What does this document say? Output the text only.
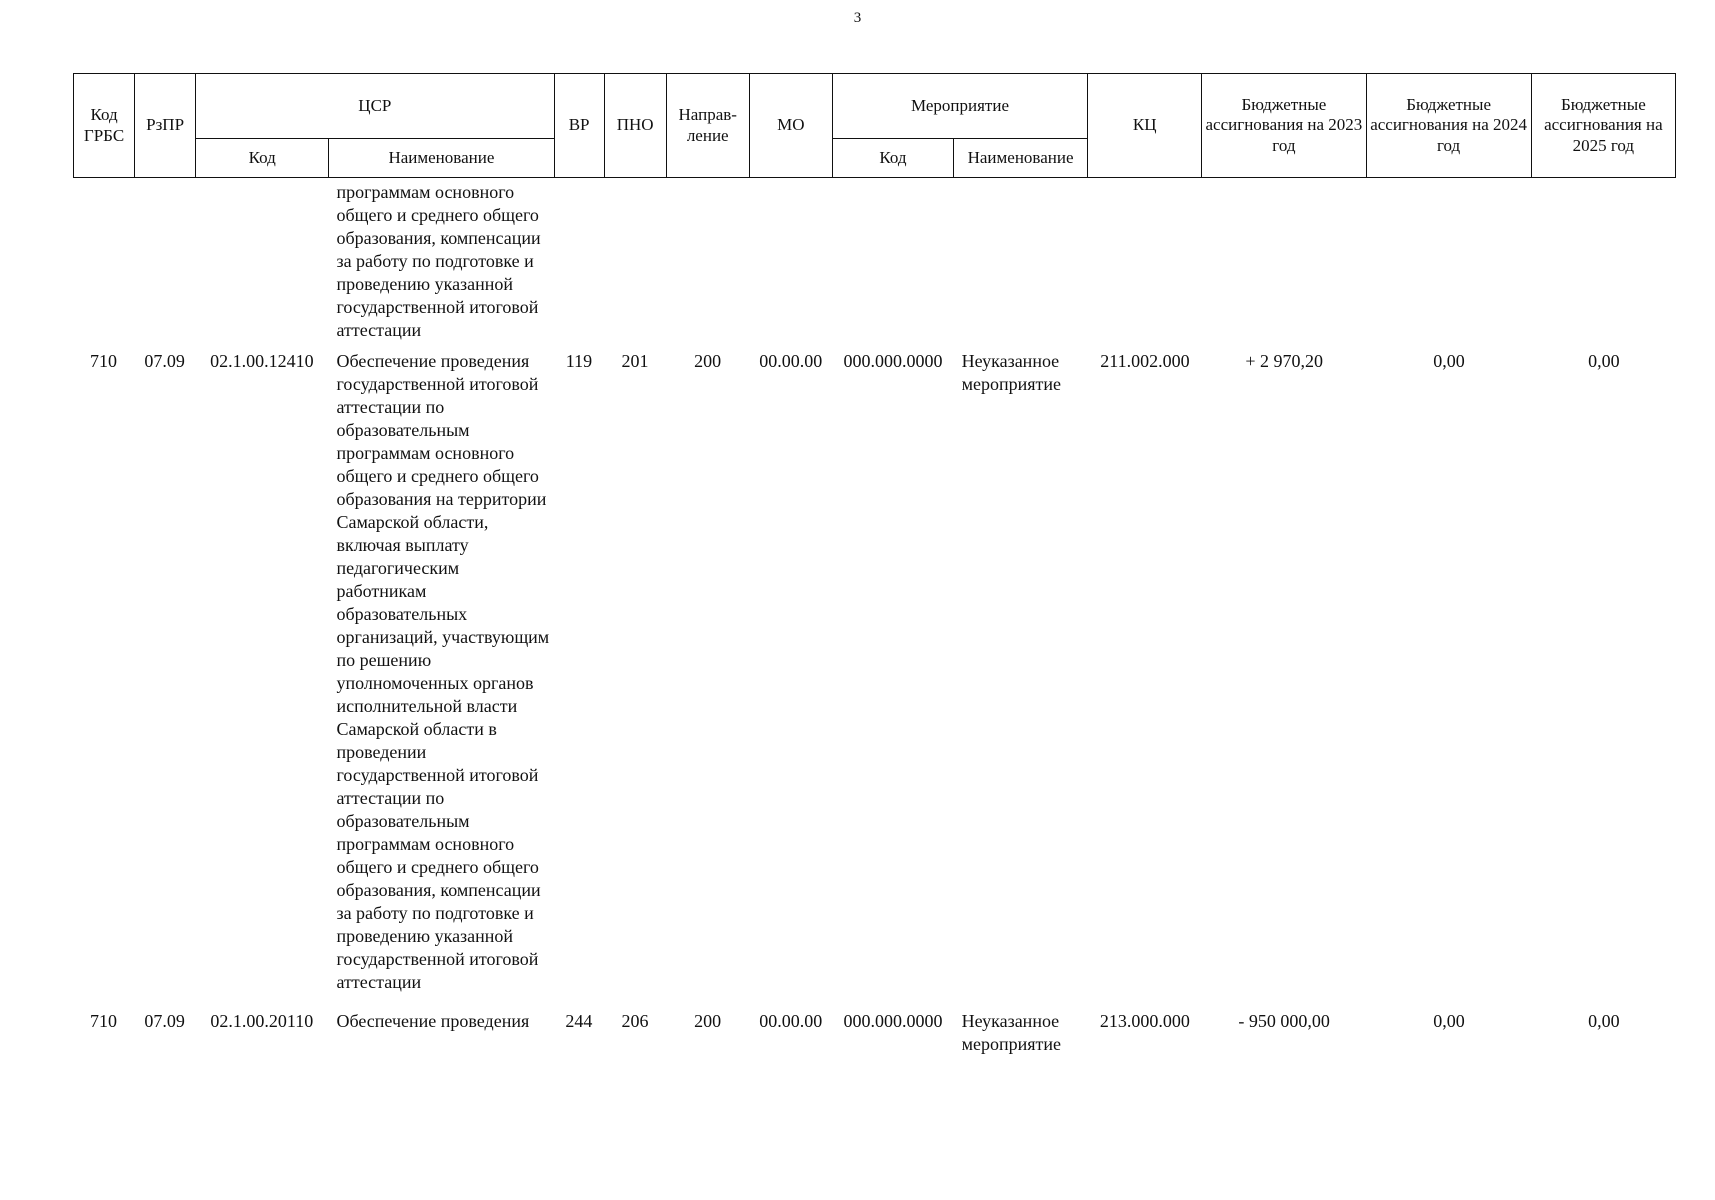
3
Код ГРБС	РзПР	ЦСР		ВР	ПНО	Направ-ление	МО	Мероприятие		КЦ	Бюджетные ассигнования на 2023 год	Бюджетные ассигнования на 2024 год	Бюджетные ассигнования на 2025 год
		Код	Наименование					Код	Наименование				
			программам основного общего и среднего общего образования, компенсации за работу по подготовке и проведению указанной государственной итоговой аттестации										
710	07.09	02.1.00.12410	Обеспечение проведения государственной итоговой аттестации по образовательным программам основного общего и среднего общего образования на территории Самарской области, включая выплату педагогическим работникам образовательных организаций, участвующим по решению уполномоченных органов исполнительной власти Самарской области в проведении государственной итоговой аттестации по образовательным программам основного общего и среднего общего образования, компенсации за работу по подготовке и проведению указанной государственной итоговой аттестации	119	201	200	00.00.00	000.000.0000	Неуказанное мероприятие	211.002.000	+ 2 970,20	0,00	0,00
710	07.09	02.1.00.20110	Обеспечение проведения	244	206	200	00.00.00	000.000.0000	Неуказанное мероприятие	213.000.000	- 950 000,00	0,00	0,00
